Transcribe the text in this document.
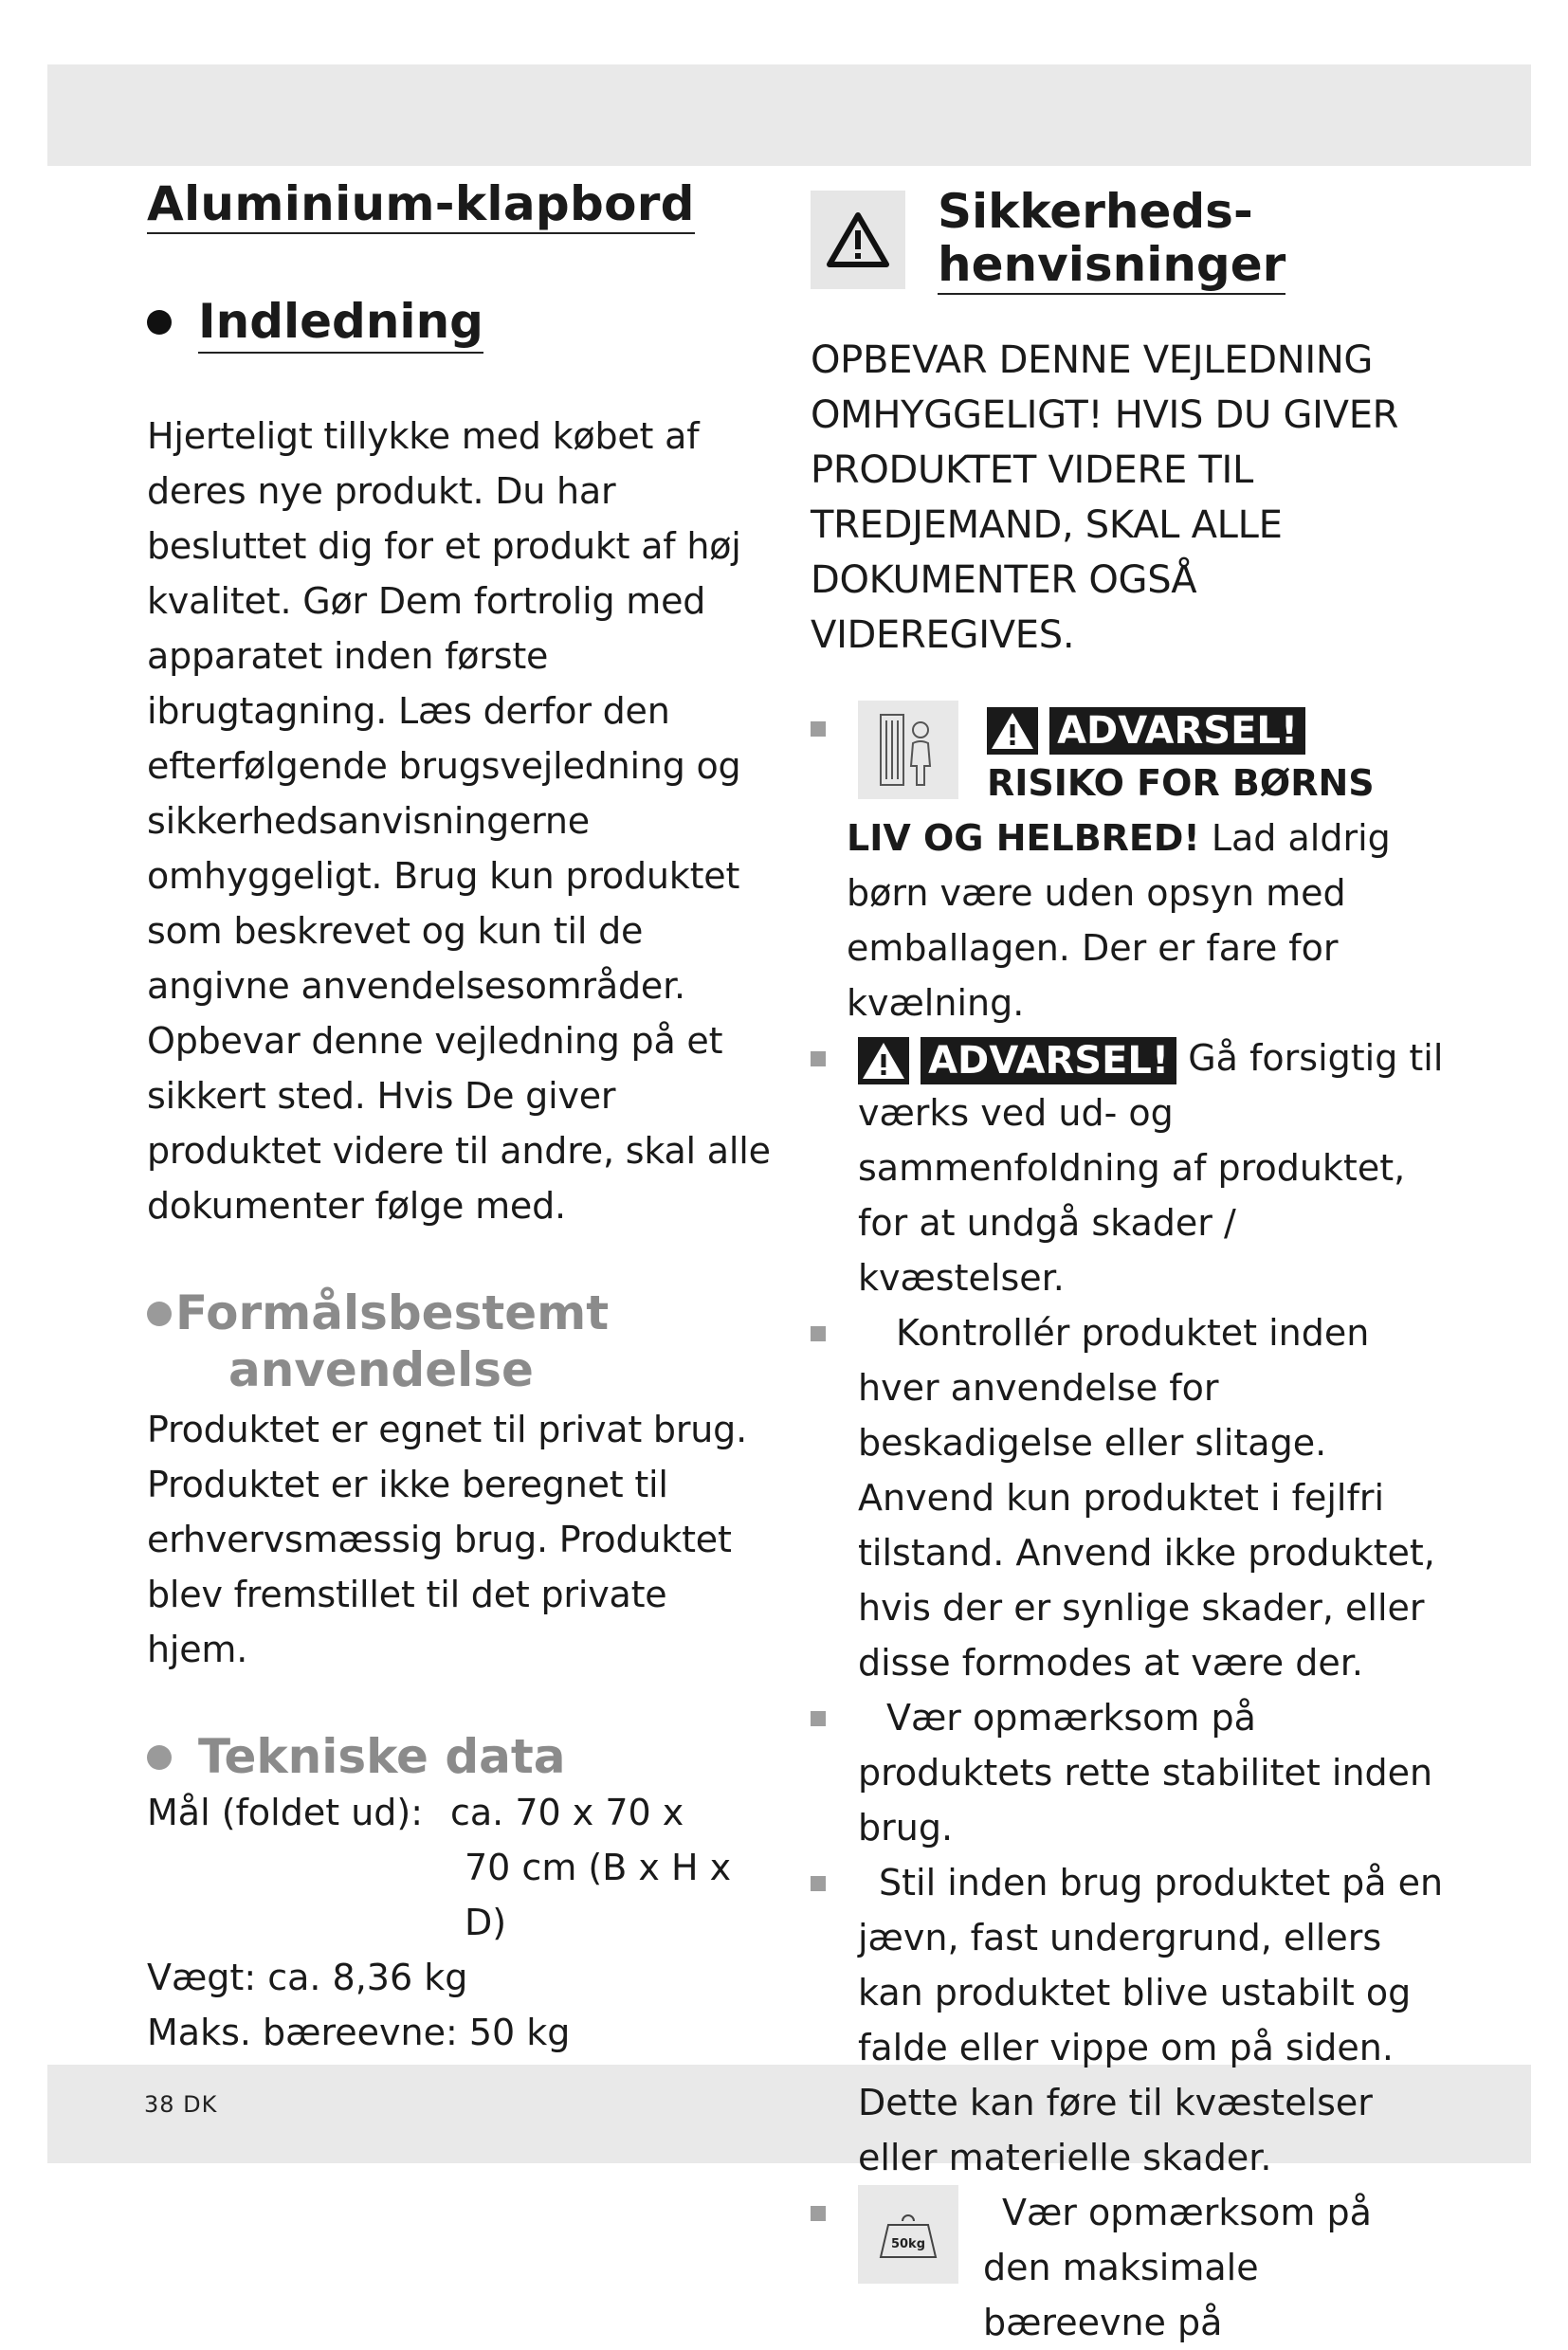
38 DK
Aluminium-klapbord
Indledning

Hjerteligt tillykke med købet af deres nye produkt. Du har besluttet dig for et produkt af høj kvalitet. Gør Dem fortrolig med apparatet inden første ibrugtagning. Læs derfor den efterfølgende brugsvejledning og sikkerhedsanvisningerne omhyggeligt. Brug kun produktet som beskrevet og kun til de angivne anvendelsesområder. Opbevar denne vejledning på et sikkert sted. Hvis De giver produktet videre til andre, skal alle dokumenter følge med.

Formålsbestemt
anvendelse

Produktet er egnet til privat brug. Produktet er ikke beregnet til erhvervsmæssig brug. Produktet blev fremstillet til det private hjem.

Tekniske data
Mål (foldet ud): ca. 70 x 70 x
70 cm (B x H x D)
Vægt: ca. 8,36 kg
Maks. bæreevne: 50 kg
Sikkerheds-
henvisninger

OPBEVAR DENNE VEJLEDNING OMHYGGELIGT! HVIS DU GIVER PRODUKTET VIDERE TIL TREDJEMAND, SKAL ALLE DOKUMENTER OGSÅ VIDEREGIVES.

ADVARSEL!
RISIKO FOR BØRNS
LIV OG HELBRED! Lad aldrig børn være uden opsyn med emballagen. Der er fare for kvælning.
ADVARSEL! Gå forsigtig til værks ved ud- og sammenfoldning af produktet, for at undgå skader / kvæstelser.
Kontrollér produktet inden hver anvendelse for beskadigelse eller slitage. Anvend kun produktet i fejlfri tilstand. Anvend ikke produktet, hvis der er synlige skader, eller disse formodes at være der.
Vær opmærksom på produktets rette stabilitet inden brug.
Stil inden brug produktet på en jævn, fast undergrund, ellers kan produktet blive ustabilt og falde eller vippe om på siden. Dette kan føre til kvæstelser eller materielle skader.
50kg
Vær opmærksom på den maksimale bæreevne på
